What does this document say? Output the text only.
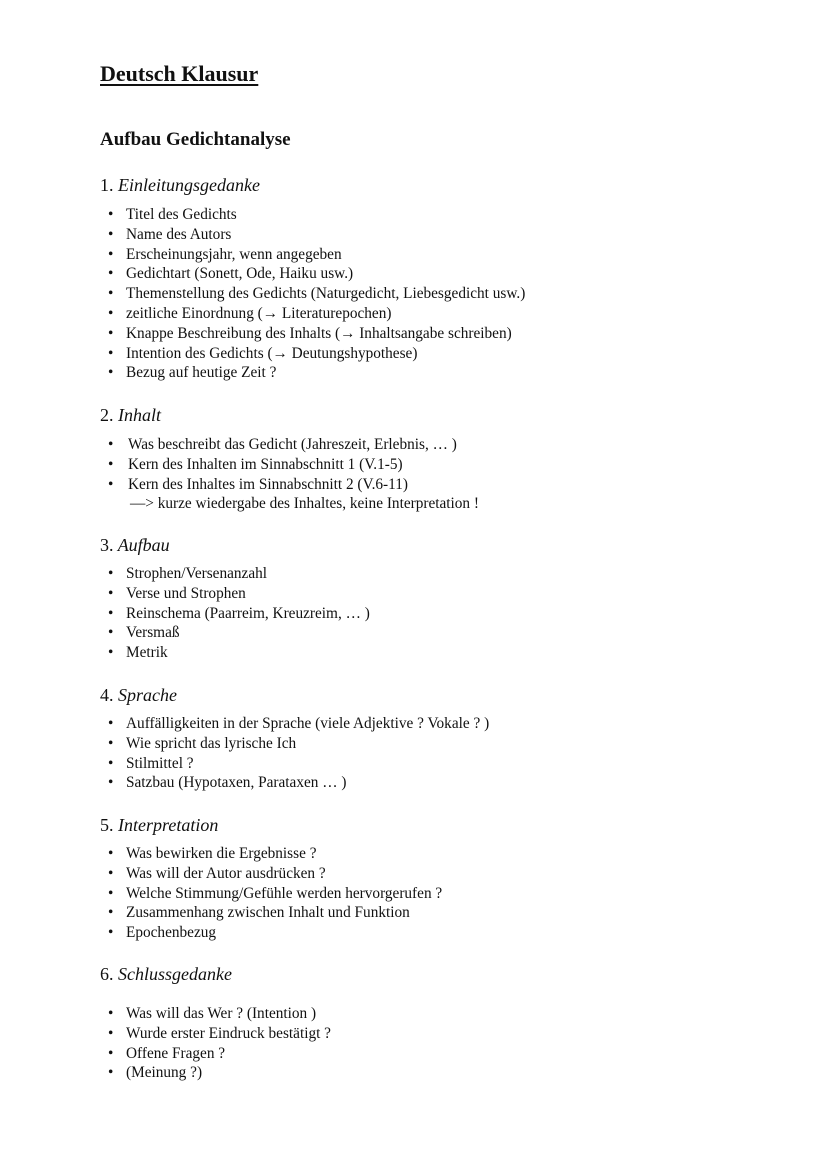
Deutsch Klausur
Aufbau Gedichtanalyse
1. Einleitungsgedanke
• Titel des Gedichts
• Name des Autors
• Erscheinungsjahr, wenn angegeben
• Gedichtart (Sonett, Ode, Haiku usw.)
• Themenstellung des Gedichts (Naturgedicht, Liebesgedicht usw.)
• zeitliche Einordnung (→ Literaturepochen)
• Knappe Beschreibung des Inhalts (→ Inhaltsangabe schreiben)
• Intention des Gedichts (→ Deutungshypothese)
• Bezug auf heutige Zeit ?
2. Inhalt
• Was beschreibt das Gedicht (Jahreszeit, Erlebnis, … )
• Kern des Inhalten im Sinnabschnitt 1 (V.1-5)
• Kern des Inhaltes im Sinnabschnitt 2 (V.6-11)
—> kurze wiedergabe des Inhaltes, keine Interpretation !
3. Aufbau
• Strophen/Versenanzahl
• Verse und Strophen
• Reinschema (Paarreim, Kreuzreim, … )
• Versmaß
• Metrik
4. Sprache
• Auffälligkeiten in der Sprache (viele Adjektive ? Vokale ? )
• Wie spricht das lyrische Ich
• Stilmittel ?
• Satzbau (Hypotaxen, Parataxen … )
5. Interpretation
• Was bewirken die Ergebnisse ?
• Was will der Autor ausdrücken ?
• Welche Stimmung/Gefühle werden hervorgerufen ?
• Zusammenhang zwischen Inhalt und Funktion
• Epochenbezug
6. Schlussgedanke
• Was will das Wer ? (Intention )
• Wurde erster Eindruck bestätigt ?
• Offene Fragen ?
• (Meinung ?)
